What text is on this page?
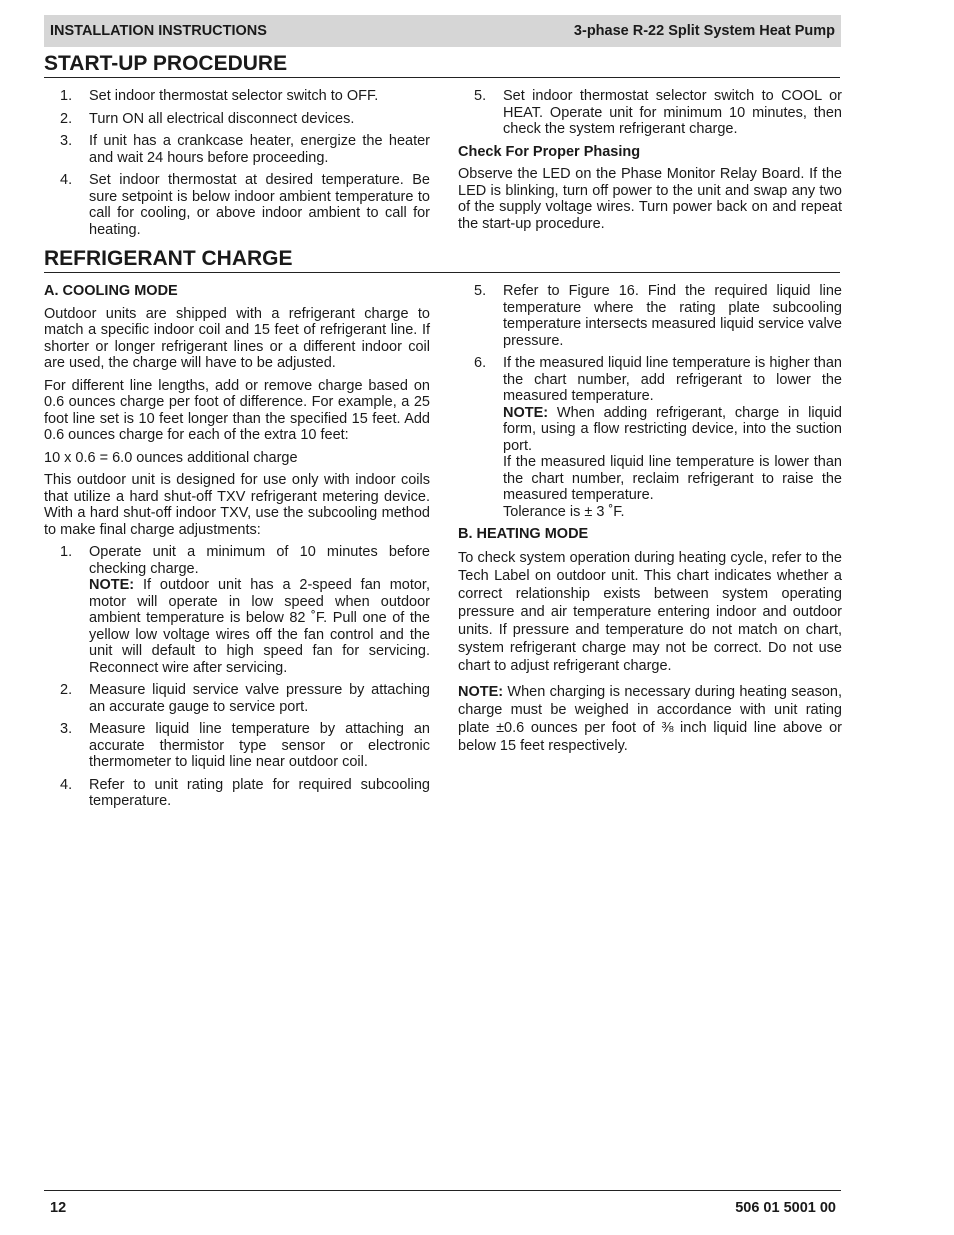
INSTALLATION INSTRUCTIONS	3-phase R-22 Split System Heat Pump
START-UP PROCEDURE
1. Set indoor thermostat selector switch to OFF.
2. Turn ON all electrical disconnect devices.
3. If unit has a crankcase heater, energize the heater and wait 24 hours before proceeding.
4. Set indoor thermostat at desired temperature. Be sure setpoint is below indoor ambient temperature to call for cooling, or above indoor ambient to call for heating.
5. Set indoor thermostat selector switch to COOL or HEAT. Operate unit for minimum 10 minutes, then check the system refrigerant charge.

Check For Proper Phasing

Observe the LED on the Phase Monitor Relay Board. If the LED is blinking, turn off power to the unit and swap any two of the supply voltage wires. Turn power back on and repeat the start-up procedure.

REFRIGERANT CHARGE

A. COOLING MODE

Outdoor units are shipped with a refrigerant charge to match a specific indoor coil and 15 feet of refrigerant line. If shorter or longer refrigerant lines or a different indoor coil are used, the charge will have to be adjusted.

For different line lengths, add or remove charge based on 0.6 ounces charge per foot of difference. For example, a 25 foot line set is 10 feet longer than the specified 15 feet. Add 0.6 ounces charge for each of the extra 10 feet:

10 x 0.6 = 6.0 ounces additional charge

This outdoor unit is designed for use only with indoor coils that utilize a hard shut-off TXV refrigerant metering device. With a hard shut-off indoor TXV, use the subcooling method to make final charge adjustments:

1. Operate unit a minimum of 10 minutes before checking charge.
NOTE: If outdoor unit has a 2-speed fan motor, motor will operate in low speed when outdoor ambient temperature is below 82 ˚F. Pull one of the yellow low voltage wires off the fan control and the unit will default to high speed fan for servicing. Reconnect wire after servicing.
2. Measure liquid service valve pressure by attaching an accurate gauge to service port.
3. Measure liquid line temperature by attaching an accurate thermistor type sensor or electronic thermometer to liquid line near outdoor coil.
4. Refer to unit rating plate for required subcooling temperature.
5. Refer to Figure 16. Find the required liquid line temperature where the rating plate subcooling temperature intersects measured liquid service valve pressure.
6. If the measured liquid line temperature is higher than the chart number, add refrigerant to lower the measured temperature.
NOTE: When adding refrigerant, charge in liquid form, using a flow restricting device, into the suction port.
If the measured liquid line temperature is lower than the chart number, reclaim refrigerant to raise the measured temperature.
Tolerance is ± 3 ˚F.

B. HEATING MODE

To check system operation during heating cycle, refer to the Tech Label on outdoor unit. This chart indicates whether a correct relationship exists between system operating pressure and air temperature entering indoor and outdoor units. If pressure and temperature do not match on chart, system refrigerant charge may not be correct. Do not use chart to adjust refrigerant charge.

NOTE: When charging is necessary during heating season, charge must be weighed in accordance with unit rating plate ±0.6 ounces per foot of ⅜ inch liquid line above or below 15 feet respectively.

12	506 01 5001 00
